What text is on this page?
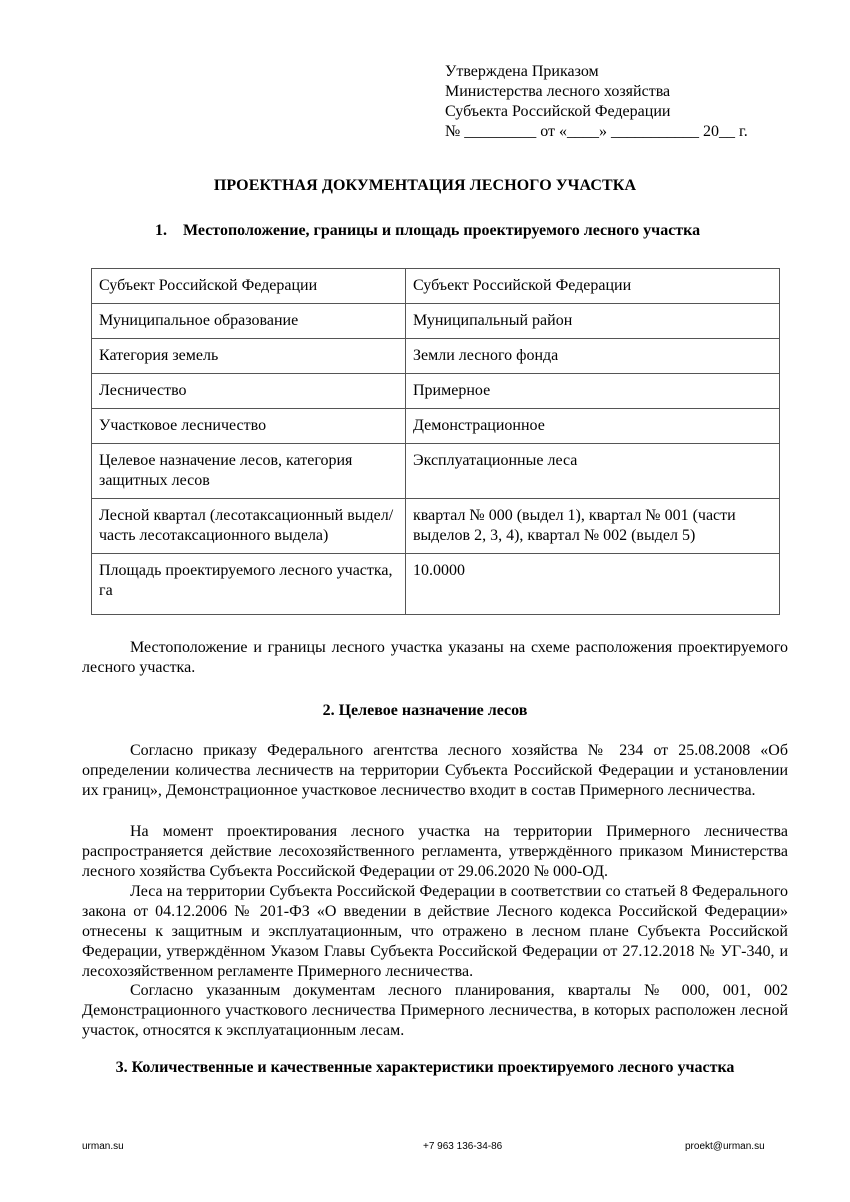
Утверждена Приказом
Министерства лесного хозяйства
Субъекта Российской Федерации
№ _________ от «____» ___________ 20__ г.
ПРОЕКТНАЯ ДОКУМЕНТАЦИЯ ЛЕСНОГО УЧАСТКА
1. Местоположение, границы и площадь проектируемого лесного участка
Субъект Российской Федерации	Субъект Российской Федерации
Муниципальное образование	Муниципальный район
Категория земель	Земли лесного фонда
Лесничество	Примерное
Участковое лесничество	Демонстрационное
Целевое назначение лесов, категория защитных лесов	Эксплуатационные леса
Лесной квартал (лесотаксационный выдел/часть лесотаксационного выдела)	квартал № 000 (выдел 1), квартал № 001 (части выделов 2, 3, 4), квартал № 002 (выдел 5)
Площадь проектируемого лесного участка, га	10.0000
Местоположение и границы лесного участка указаны на схеме расположения проектируемого лесного участка.
2. Целевое назначение лесов
Согласно приказу Федерального агентства лесного хозяйства № 234 от 25.08.2008 «Об определении количества лесничеств на территории Субъекта Российской Федерации и установлении их границ», Демонстрационное участковое лесничество входит в состав Примерного лесничества.
На момент проектирования лесного участка на территории Примерного лесничества распространяется действие лесохозяйственного регламента, утверждённого приказом Министерства лесного хозяйства Субъекта Российской Федерации от 29.06.2020 № 000-ОД.
Леса на территории Субъекта Российской Федерации в соответствии со статьей 8 Федерального закона от 04.12.2006 № 201-ФЗ «О введении в действие Лесного кодекса Российской Федерации» отнесены к защитным и эксплуатационным, что отражено в лесном плане Субъекта Российской Федерации, утверждённом Указом Главы Субъекта Российской Федерации от 27.12.2018 № УГ-340, и лесохозяйственном регламенте Примерного лесничества.
Согласно указанным документам лесного планирования, кварталы № 000, 001, 002 Демонстрационного участкового лесничества Примерного лесничества, в которых расположен лесной участок, относятся к эксплуатационным лесам.
3. Количественные и качественные характеристики проектируемого лесного участка
urman.su	+7 963 136-34-86	proekt@urman.su
